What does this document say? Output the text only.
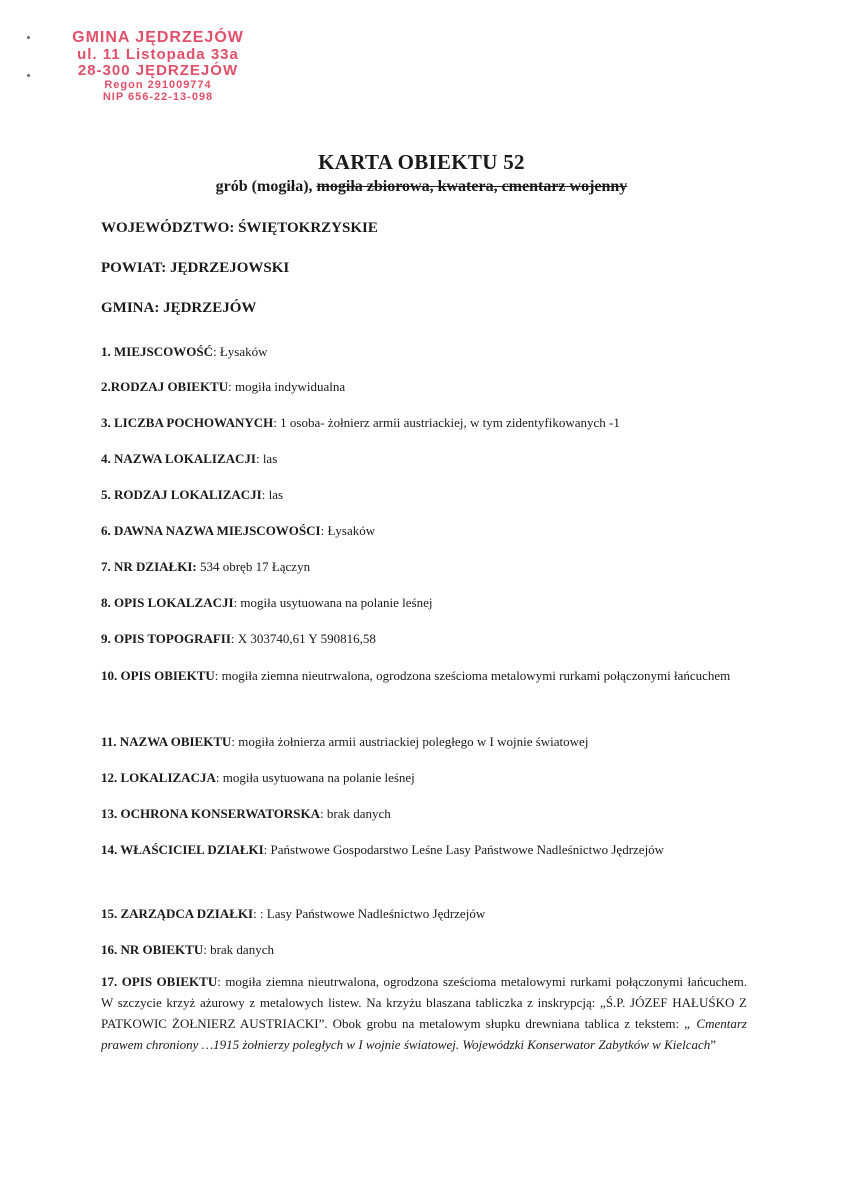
GMINA JĘDRZEJÓW
ul. 11 Listopada 33a
28-300 JĘDRZEJÓW
Regon 291009774
NIP 656-22-13-098
KARTA OBIEKTU 52
grób (mogiła), mogiła zbiorowa, kwatera, cmentarz wojenny
WOJEWÓDZTWO: ŚWIĘTOKRZYSKIE
POWIAT: JĘDRZEJOWSKI
GMINA: JĘDRZEJÓW
1. MIEJSCOWOŚĆ: Łysaków
2.RODZAJ OBIEKTU: mogiła indywidualna
3. LICZBA POCHOWANYCH: 1 osoba- żołnierz armii austriackiej, w tym zidentyfikowanych -1
4. NAZWA LOKALIZACJI: las
5. RODZAJ LOKALIZACJI: las
6. DAWNA NAZWA MIEJSCOWOŚCI: Łysaków
7. NR DZIAŁKI: 534 obręb 17 Łączyn
8. OPIS LOKALZACJI: mogiła usytuowana na polanie leśnej
9. OPIS TOPOGRAFII: X 303740,61 Y 590816,58
10. OPIS OBIEKTU: mogiła ziemna nieutrwalona, ogrodzona sześcioma metalowymi rurkami połączonymi łańcuchem
11. NAZWA OBIEKTU: mogiła żołnierza armii austriackiej poległego w I wojnie światowej
12. LOKALIZACJA: mogiła usytuowana na polanie leśnej
13. OCHRONA KONSERWATORSKA: brak danych
14. WŁAŚCICIEL DZIAŁKI: Państwowe Gospodarstwo Leśne Lasy Państwowe Nadleśnictwo Jędrzejów
15. ZARZĄDCA DZIAŁKI: : Lasy Państwowe Nadleśnictwo Jędrzejów
16. NR OBIEKTU: brak danych
17. OPIS OBIEKTU: mogiła ziemna nieutrwalona, ogrodzona sześcioma metalowymi rurkami połączonymi łańcuchem. W szczycie krzyż ażurowy z metalowych listew. Na krzyżu blaszana tabliczka z inskrypcją: „Ś.P. JÓZEF HAŁUŚKO Z PATKOWIC ŻOŁNIERZ AUSTRIACKI”. Obok grobu na metalowym słupku drewniana tablica z tekstem: „ Cmentarz prawem chroniony …1915 żołnierzy poległych w I wojnie światowej. Wojewódzki Konserwator Zabytków w Kielcach”
